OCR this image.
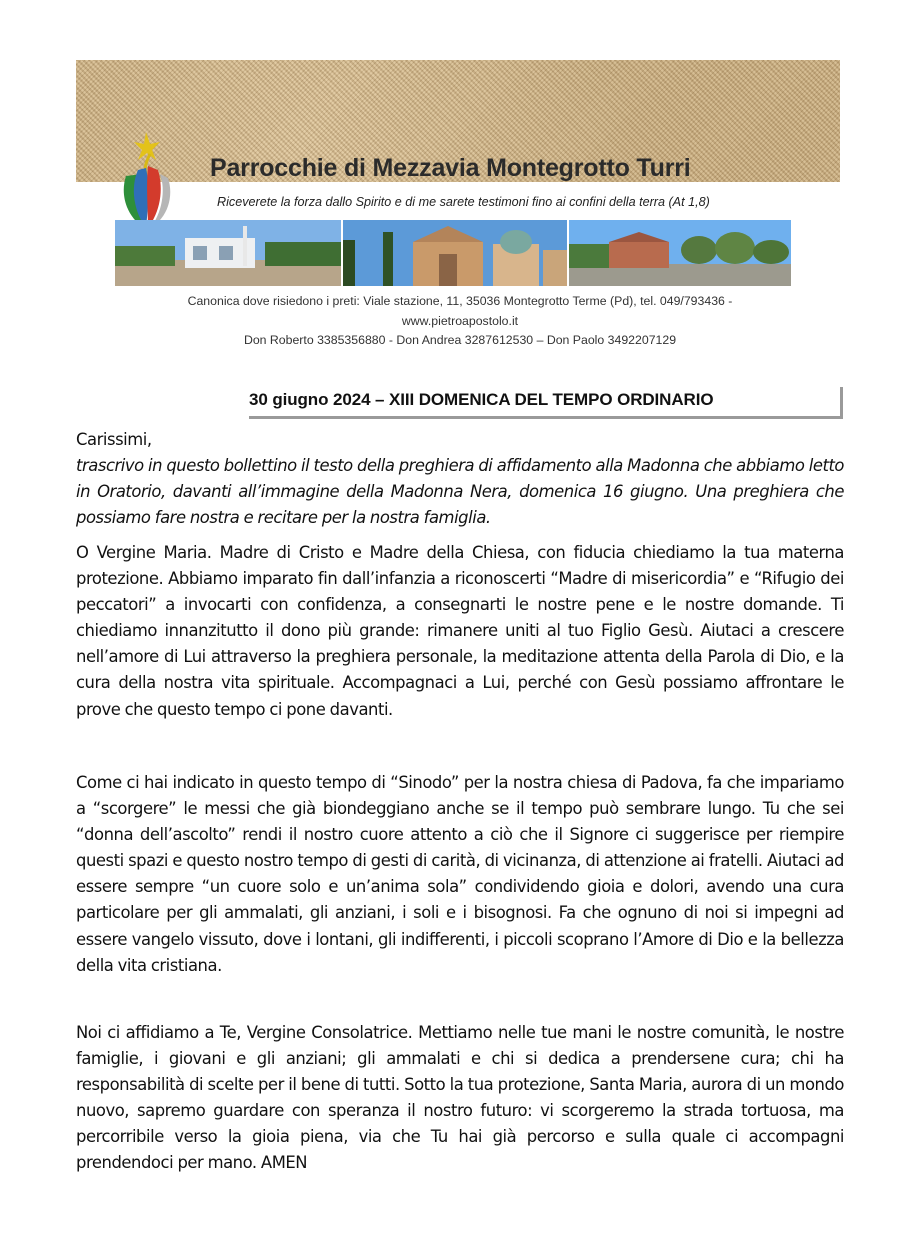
Parrocchie di Mezzavia Montegrotto Turri
Riceverete la forza dallo Spirito e di me sarete testimoni fino ai confini della terra (At 1,8)
Canonica dove risiedono i preti: Viale stazione, 11, 35036 Montegrotto Terme (Pd), tel. 049/793436 -
www.pietroapostolo.it
Don Roberto 3385356880 - Don Andrea 3287612530 – Don Paolo 3492207129
30 giugno 2024 – XIII DOMENICA DEL TEMPO ORDINARIO
Carissimi,
trascrivo in questo bollettino il testo della preghiera di affidamento alla Madonna che abbiamo letto in Oratorio, davanti all’immagine della Madonna Nera, domenica 16 giugno. Una preghiera che possiamo fare nostra e recitare per la nostra famiglia.
O Vergine Maria. Madre di Cristo e Madre della Chiesa, con fiducia chiediamo la tua materna protezione. Abbiamo imparato fin dall’infanzia a riconoscerti “Madre di misericordia” e “Rifugio dei peccatori” a invocarti con confidenza, a consegnarti le nostre pene e le nostre domande. Ti chiediamo innanzitutto il dono più grande: rimanere uniti al tuo Figlio Gesù. Aiutaci a crescere nell’amore di Lui attraverso la preghiera personale, la meditazione attenta della Parola di Dio, e la cura della nostra vita spirituale. Accompagnaci a Lui, perché con Gesù possiamo affrontare le prove che questo tempo ci pone davanti.
Come ci hai indicato in questo tempo di “Sinodo” per la nostra chiesa di Padova, fa che impariamo a “scorgere” le messi che già biondeggiano anche se il tempo può sembrare lungo. Tu che sei “donna dell’ascolto” rendi il nostro cuore attento a ciò che il Signore ci suggerisce per riempire questi spazi e questo nostro tempo di gesti di carità, di vicinanza, di attenzione ai fratelli. Aiutaci ad essere sempre “un cuore solo e un’anima sola” condividendo gioia e dolori, avendo una cura particolare per gli ammalati, gli anziani, i soli e i bisognosi. Fa che ognuno di noi si impegni ad essere vangelo vissuto, dove i lontani, gli indifferenti, i piccoli scoprano l’Amore di Dio e la bellezza della vita cristiana.
Noi ci affidiamo a Te, Vergine Consolatrice. Mettiamo nelle tue mani le nostre comunità, le nostre famiglie, i giovani e gli anziani; gli ammalati e chi si dedica a prendersene cura; chi ha responsabilità di scelte per il bene di tutti. Sotto la tua protezione, Santa Maria, aurora di un mondo nuovo, sapremo guardare con speranza il nostro futuro: vi scorgeremo la strada tortuosa, ma percorribile verso la gioia piena, via che Tu hai già percorso e sulla quale ci accompagni prendendoci per mano. AMEN
